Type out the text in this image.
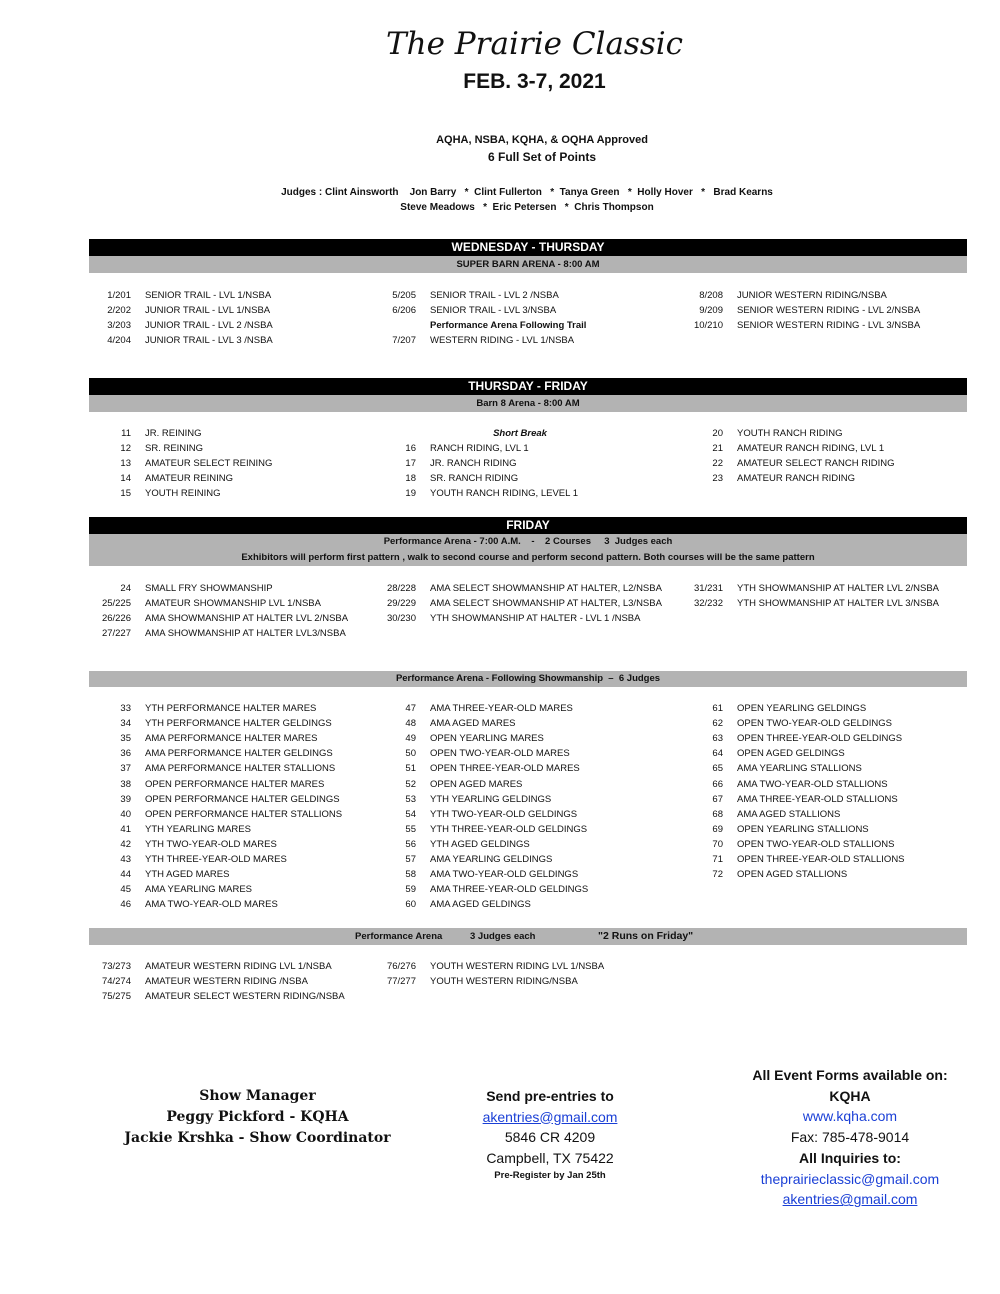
The Prairie Classic
FEB. 3-7, 2021
AQHA, NSBA, KQHA, & OQHA Approved
6 Full Set of Points
Judges : Clint Ainsworth    Jon Barry   *  Clint Fullerton   *  Tanya Green   *  Holly Hover   *   Brad Kearns
Steve Meadows   *  Eric Petersen   *  Chris Thompson
WEDNESDAY - THURSDAY
SUPER BARN ARENA - 8:00 AM
1/201 SENIOR TRAIL - LVL 1/NSBA
2/202 JUNIOR TRAIL - LVL 1/NSBA
3/203 JUNIOR TRAIL - LVL 2 /NSBA
4/204 JUNIOR TRAIL - LVL 3 /NSBA
5/205 SENIOR TRAIL - LVL 2 /NSBA
6/206 SENIOR TRAIL - LVL 3/NSBA
Performance Arena Following Trail
7/207 WESTERN RIDING - LVL 1/NSBA
8/208 JUNIOR WESTERN RIDING/NSBA
9/209 SENIOR WESTERN RIDING - LVL 2/NSBA
10/210 SENIOR WESTERN RIDING - LVL 3/NSBA
THURSDAY - FRIDAY
Barn 8 Arena - 8:00 AM
Short Break
11 JR. REINING
12 SR. REINING
13 AMATEUR SELECT REINING
14 AMATEUR REINING
15 YOUTH REINING
16 RANCH RIDING, LVL 1
17 JR. RANCH RIDING
18 SR. RANCH RIDING
19 YOUTH RANCH RIDING, LEVEL 1
20 YOUTH RANCH RIDING
21 AMATEUR RANCH RIDING, LVL 1
22 AMATEUR SELECT RANCH RIDING
23 AMATEUR RANCH RIDING
FRIDAY
Performance Arena - 7:00 A.M.    -    2 Courses     3  Judges each
Exhibitors will perform first pattern , walk to second course and perform second pattern. Both courses will be the same pattern
24 SMALL FRY SHOWMANSHIP
25/225 AMATEUR SHOWMANSHIP LVL 1/NSBA
26/226 AMA SHOWMANSHIP AT HALTER LVL 2/NSBA
27/227 AMA SHOWMANSHIP AT HALTER LVL3/NSBA
28/228 AMA SELECT SHOWMANSHIP AT HALTER, L2/NSBA
29/229 AMA SELECT SHOWMANSHIP AT HALTER, L3/NSBA
30/230 YTH SHOWMANSHIP AT HALTER - LVL 1 /NSBA
31/231 YTH SHOWMANSHIP AT HALTER LVL 2/NSBA
32/232 YTH SHOWMANSHIP AT HALTER LVL 3/NSBA
Performance Arena - Following Showmanship  –  6 Judges
33 YTH PERFORMANCE HALTER MARES
34 YTH PERFORMANCE HALTER GELDINGS
35 AMA PERFORMANCE HALTER MARES
36 AMA PERFORMANCE HALTER GELDINGS
37 AMA PERFORMANCE HALTER STALLIONS
38 OPEN PERFORMANCE HALTER MARES
39 OPEN PERFORMANCE HALTER GELDINGS
40 OPEN PERFORMANCE HALTER STALLIONS
41 YTH YEARLING MARES
42 YTH TWO-YEAR-OLD MARES
43 YTH THREE-YEAR-OLD MARES
44 YTH AGED MARES
45 AMA YEARLING MARES
46 AMA TWO-YEAR-OLD MARES
47 AMA THREE-YEAR-OLD MARES
48 AMA AGED MARES
49 OPEN YEARLING MARES
50 OPEN TWO-YEAR-OLD MARES
51 OPEN THREE-YEAR-OLD MARES
52 OPEN AGED MARES
53 YTH YEARLING GELDINGS
54 YTH TWO-YEAR-OLD GELDINGS
55 YTH THREE-YEAR-OLD GELDINGS
56 YTH AGED GELDINGS
57 AMA YEARLING GELDINGS
58 AMA TWO-YEAR-OLD GELDINGS
59 AMA THREE-YEAR-OLD GELDINGS
60 AMA AGED GELDINGS
61 OPEN YEARLING GELDINGS
62 OPEN TWO-YEAR-OLD GELDINGS
63 OPEN THREE-YEAR-OLD GELDINGS
64 OPEN AGED GELDINGS
65 AMA YEARLING STALLIONS
66 AMA TWO-YEAR-OLD STALLIONS
67 AMA THREE-YEAR-OLD STALLIONS
68 AMA AGED STALLIONS
69 OPEN YEARLING STALLIONS
70 OPEN TWO-YEAR-OLD STALLIONS
71 OPEN THREE-YEAR-OLD STALLIONS
72 OPEN AGED STALLIONS
Performance Arena	3 Judges each	"2 Runs on Friday"
73/273 AMATEUR WESTERN RIDING LVL 1/NSBA
74/274 AMATEUR WESTERN RIDING /NSBA
75/275 AMATEUR SELECT WESTERN RIDING/NSBA
76/276 YOUTH WESTERN RIDING LVL 1/NSBA
77/277 YOUTH WESTERN RIDING/NSBA
Show Manager
Peggy Pickford - KQHA
Jackie Krshka - Show Coordinator
Send pre-entries to
akentries@gmail.com
5846 CR 4209
Campbell, TX 75422
Pre-Register by Jan 25th
All Event Forms available on:
KQHA
www.kqha.com
Fax: 785-478-9014
All Inquiries to:
theprairieclassic@gmail.com
akentries@gmail.com
